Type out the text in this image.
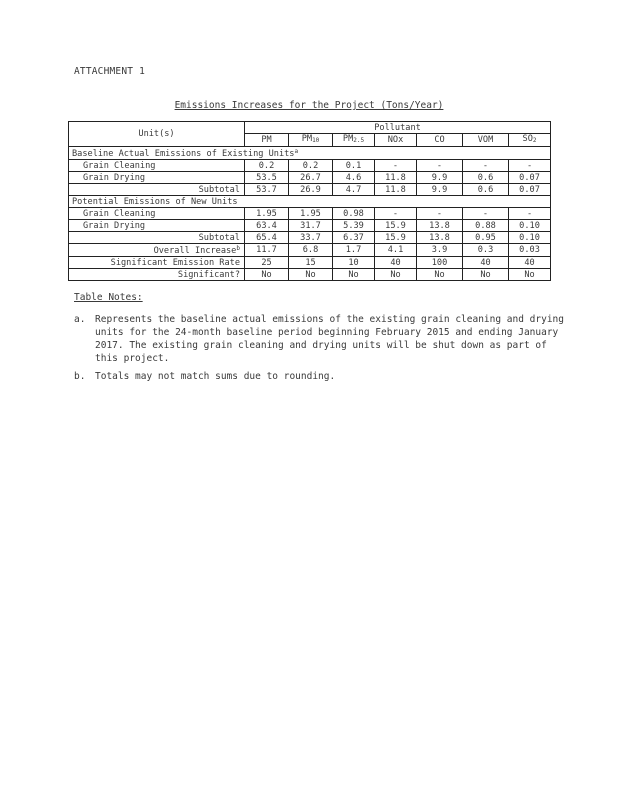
ATTACHMENT 1
Emissions Increases for the Project (Tons/Year)
Unit(s)	Pollutant						
	PM	$PM_{10}$	$PM_{2.5}$	NOx	CO	VOM	$SO_2$
Baseline Actual Emissions of Existing Units$^a$
Grain Cleaning	0.2	0.2	0.1	-	-	-	-
Grain Drying	53.5	26.7	4.6	11.8	9.9	0.6	0.07
Subtotal	53.7	26.9	4.7	11.8	9.9	0.6	0.07
Potential Emissions of New Units							
Grain Cleaning	1.95	1.95	0.98	-	-	-	-
Grain Drying	63.4	31.7	5.39	15.9	13.8	0.88	0.10
Subtotal	65.4	33.7	6.37	15.9	13.8	0.95	0.10
Overall Increase$^b$	11.7	6.8	1.7	4.1	3.9	0.3	0.03
Significant Emission Rate	25	15	10	40	100	40	40
Significant?	No	No	No	No	No	No	No
Table Notes:
a. Represents the baseline actual emissions of the existing grain cleaning and drying units for the 24-month baseline period beginning February 2015 and ending January 2017. The existing grain cleaning and drying units will be shut down as part of this project.
b. Totals may not match sums due to rounding.
